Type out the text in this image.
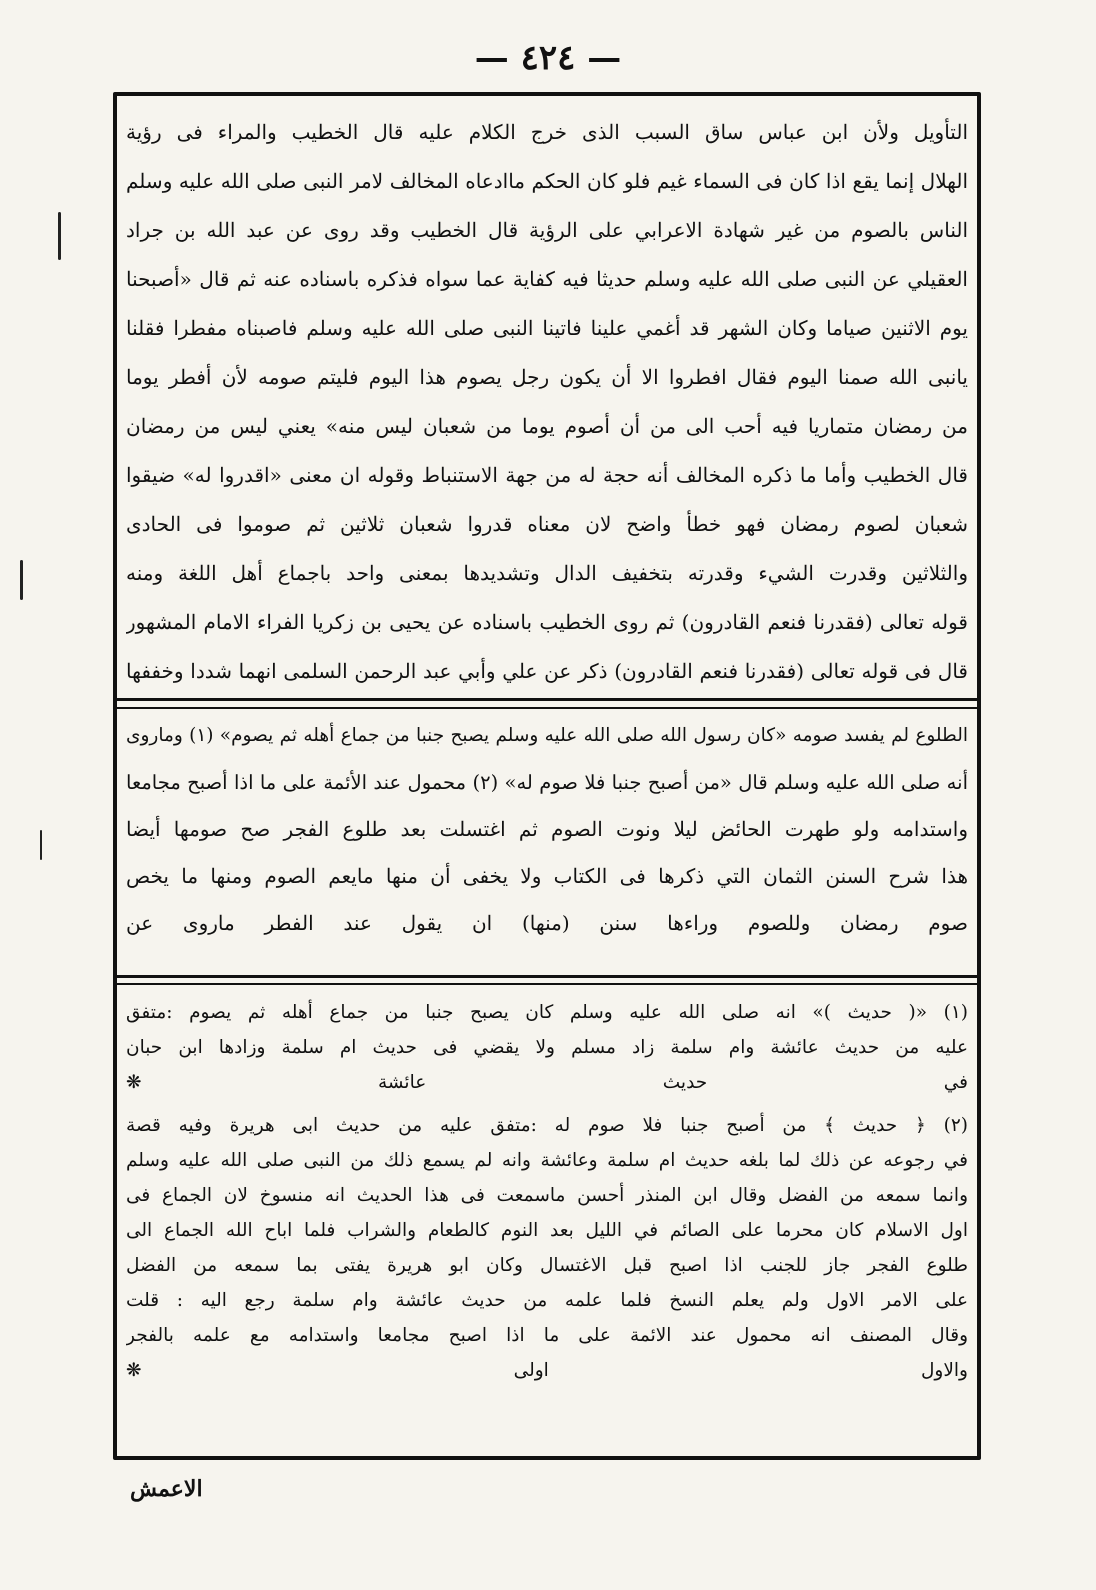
— ٤٢٤ —

التأويل ولأن ابن عباس ساق السبب الذى خرج الكلام عليه قال الخطيب والمراء فى رؤية

الهلال إنما يقع اذا كان فى السماء غيم فلو كان الحكم ماادعاه المخالف لامر النبى صلى الله عليه وسلم

الناس بالصوم من غير شهادة الاعرابي على الرؤية قال الخطيب وقد روى عن عبد الله بن جراد

العقيلي عن النبى صلى الله عليه وسلم حديثا فيه كفاية عما سواه فذكره باسناده عنه ثم قال «أصبحنا

يوم الاثنين صياما وكان الشهر قد أغمي علينا فاتينا النبى صلى الله عليه وسلم فاصبناه مفطرا فقلنا

يانبى الله صمنا اليوم فقال افطروا الا أن يكون رجل يصوم هذا اليوم فليتم صومه لأن أفطر يوما

من رمضان متماريا فيه أحب الى من أن أصوم يوما من شعبان ليس منه» يعني ليس من رمضان

قال الخطيب وأما ما ذكره المخالف أنه حجة له من جهة الاستنباط وقوله ان معنى «اقدروا له» ضيقوا

شعبان لصوم رمضان فهو خطأ واضح لان معناه قدروا شعبان ثلاثين ثم صوموا فى الحادى

والثلاثين وقدرت الشيء وقدرته بتخفيف الدال وتشديدها بمعنى واحد باجماع أهل اللغة ومنه

قوله تعالى (فقدرنا فنعم القادرون) ثم روى الخطيب باسناده عن يحيى بن زكريا الفراء الامام المشهور

قال فى قوله تعالى (فقدرنا فنعم القادرون) ذكر عن علي وأبي عبد الرحمن السلمى انهما شددا وخففها

الطلوع لم يفسد صومه «كان رسول الله صلى الله عليه وسلم يصبح جنبا من جماع أهله ثم يصوم» (١) وماروى

أنه صلى الله عليه وسلم قال «من أصبح جنبا فلا صوم له» (٢) محمول عند الأئمة على ما اذا أصبح مجامعا

واستدامه ولو طهرت الحائض ليلا ونوت الصوم ثم اغتسلت بعد طلوع الفجر صح صومها أيضا

هذا شرح السنن الثمان التي ذكرها فى الكتاب ولا يخفى أن منها مايعم الصوم ومنها ما يخص

صوم رمضان وللصوم وراءها سنن (منها) ان يقول عند الفطر ماروى عن

(١) «( حديث )» انه صلى الله عليه وسلم كان يصبح جنبا من جماع أهله ثم يصوم :متفق

عليه من حديث عائشة وام سلمة زاد مسلم ولا يقضي فى حديث ام سلمة وزادها ابن حبان

في حديث عائشة ❋

(٢) ﴿ حديث ﴾ من أصبح جنبا فلا صوم له :متفق عليه من حديث ابى هريرة وفيه قصة

في رجوعه عن ذلك لما بلغه حديث ام سلمة وعائشة وانه لم يسمع ذلك من النبى صلى الله عليه وسلم

وانما سمعه من الفضل وقال ابن المنذر أحسن ماسمعت فى هذا الحديث انه منسوخ لان الجماع فى

اول الاسلام كان محرما على الصائم في الليل بعد النوم كالطعام والشراب فلما اباح الله الجماع الى

طلوع الفجر جاز للجنب اذا اصبح قبل الاغتسال وكان ابو هريرة يفتى بما سمعه من الفضل

على الامر الاول ولم يعلم النسخ فلما علمه من حديث عائشة وام سلمة رجع اليه : قلت

وقال المصنف انه محمول عند الائمة على ما اذا اصبح مجامعا واستدامه مع علمه بالفجر

والاول اولى ❋

الاعمش
